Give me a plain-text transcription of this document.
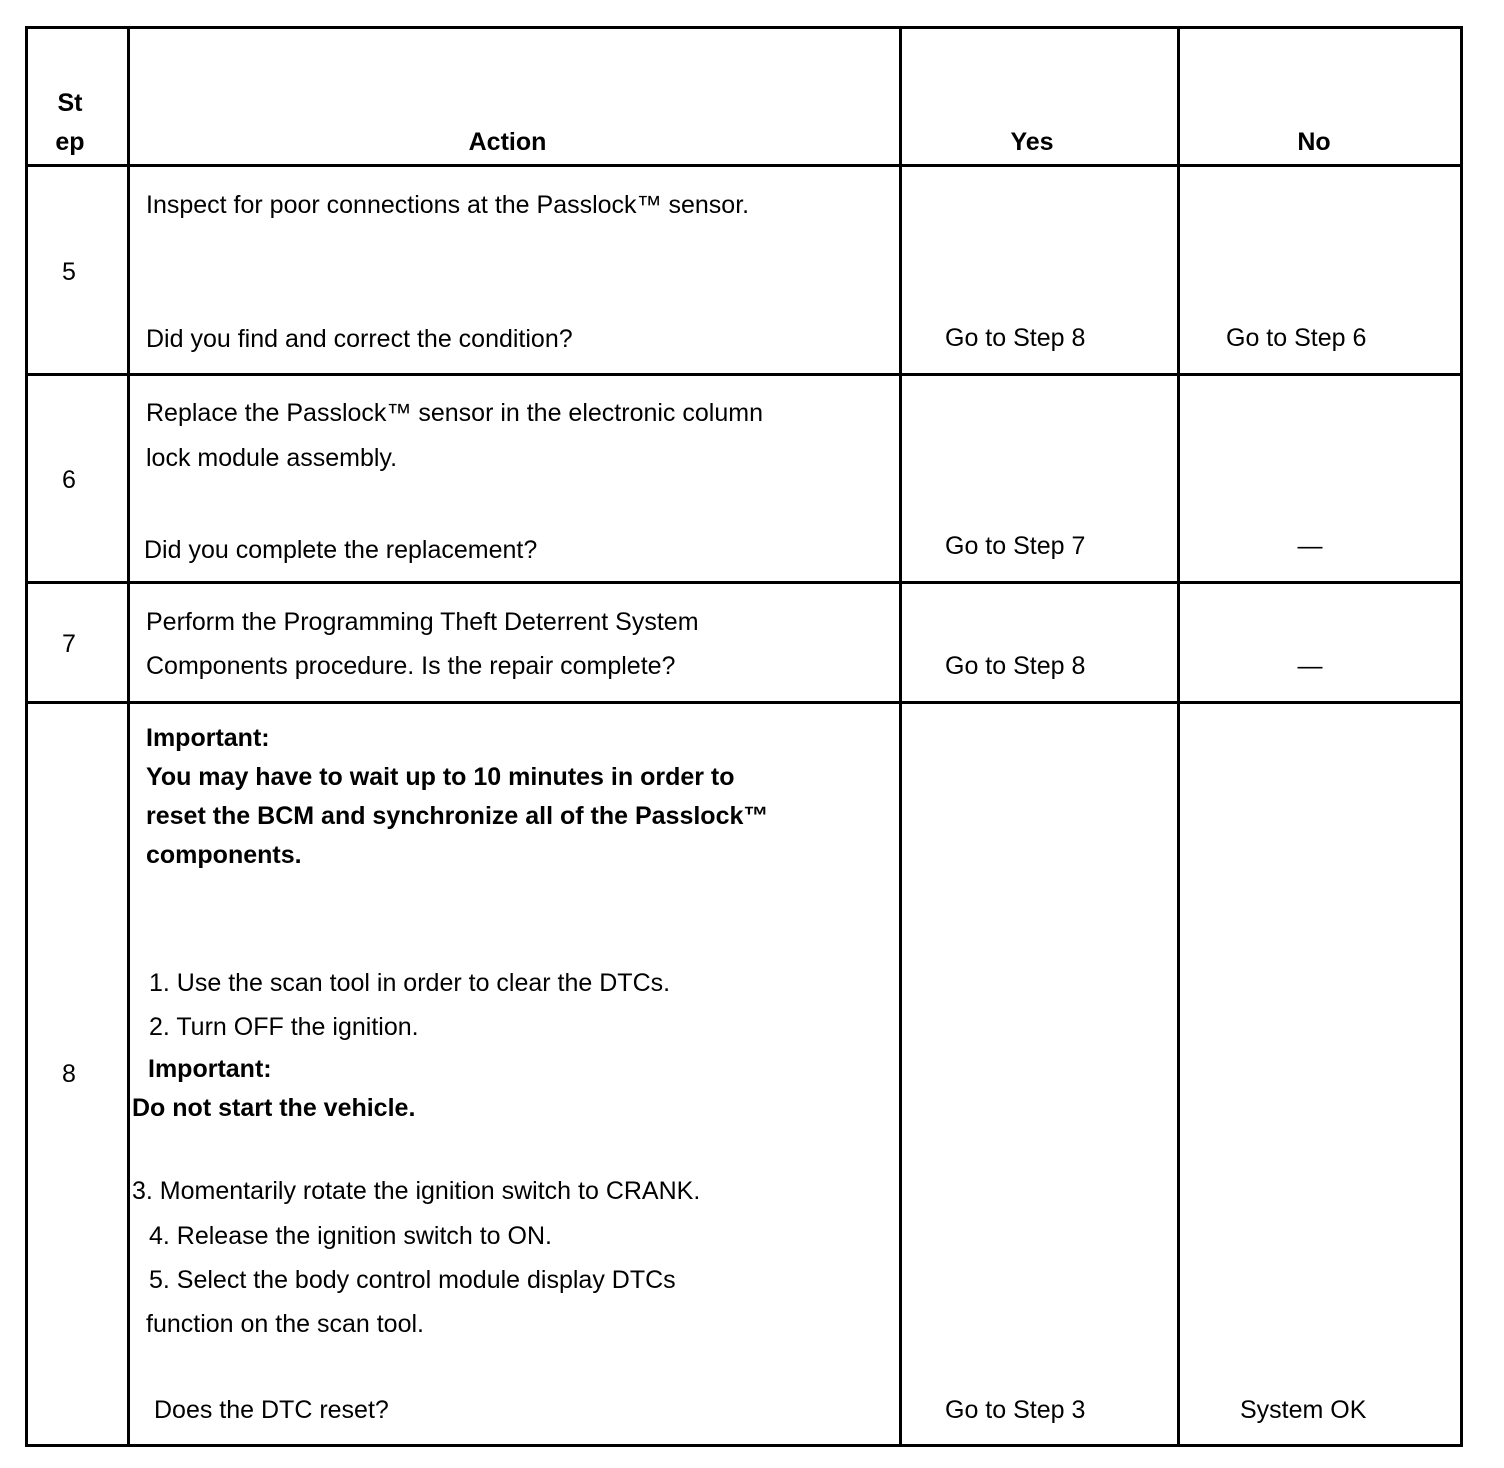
St
ep	Action	Yes	No
5
Inspect for poor connections at the Passlock™ sensor.
Did you find and correct the condition?	Go to Step 8	Go to Step 6
6
Replace the Passlock™ sensor in the electronic column
lock module assembly.
Did you complete the replacement?	Go to Step 7	—
7
Perform the Programming Theft Deterrent System
Components procedure. Is the repair complete?	Go to Step 8	—
8
Important:
You may have to wait up to 10 minutes in order to
reset the BCM and synchronize all of the Passlock™
components.
1. Use the scan tool in order to clear the DTCs.
2. Turn OFF the ignition.
Important:
Do not start the vehicle.
3. Momentarily rotate the ignition switch to CRANK.
4. Release the ignition switch to ON.
5. Select the body control module display DTCs
function on the scan tool.
Does the DTC reset?	Go to Step 3	System OK
